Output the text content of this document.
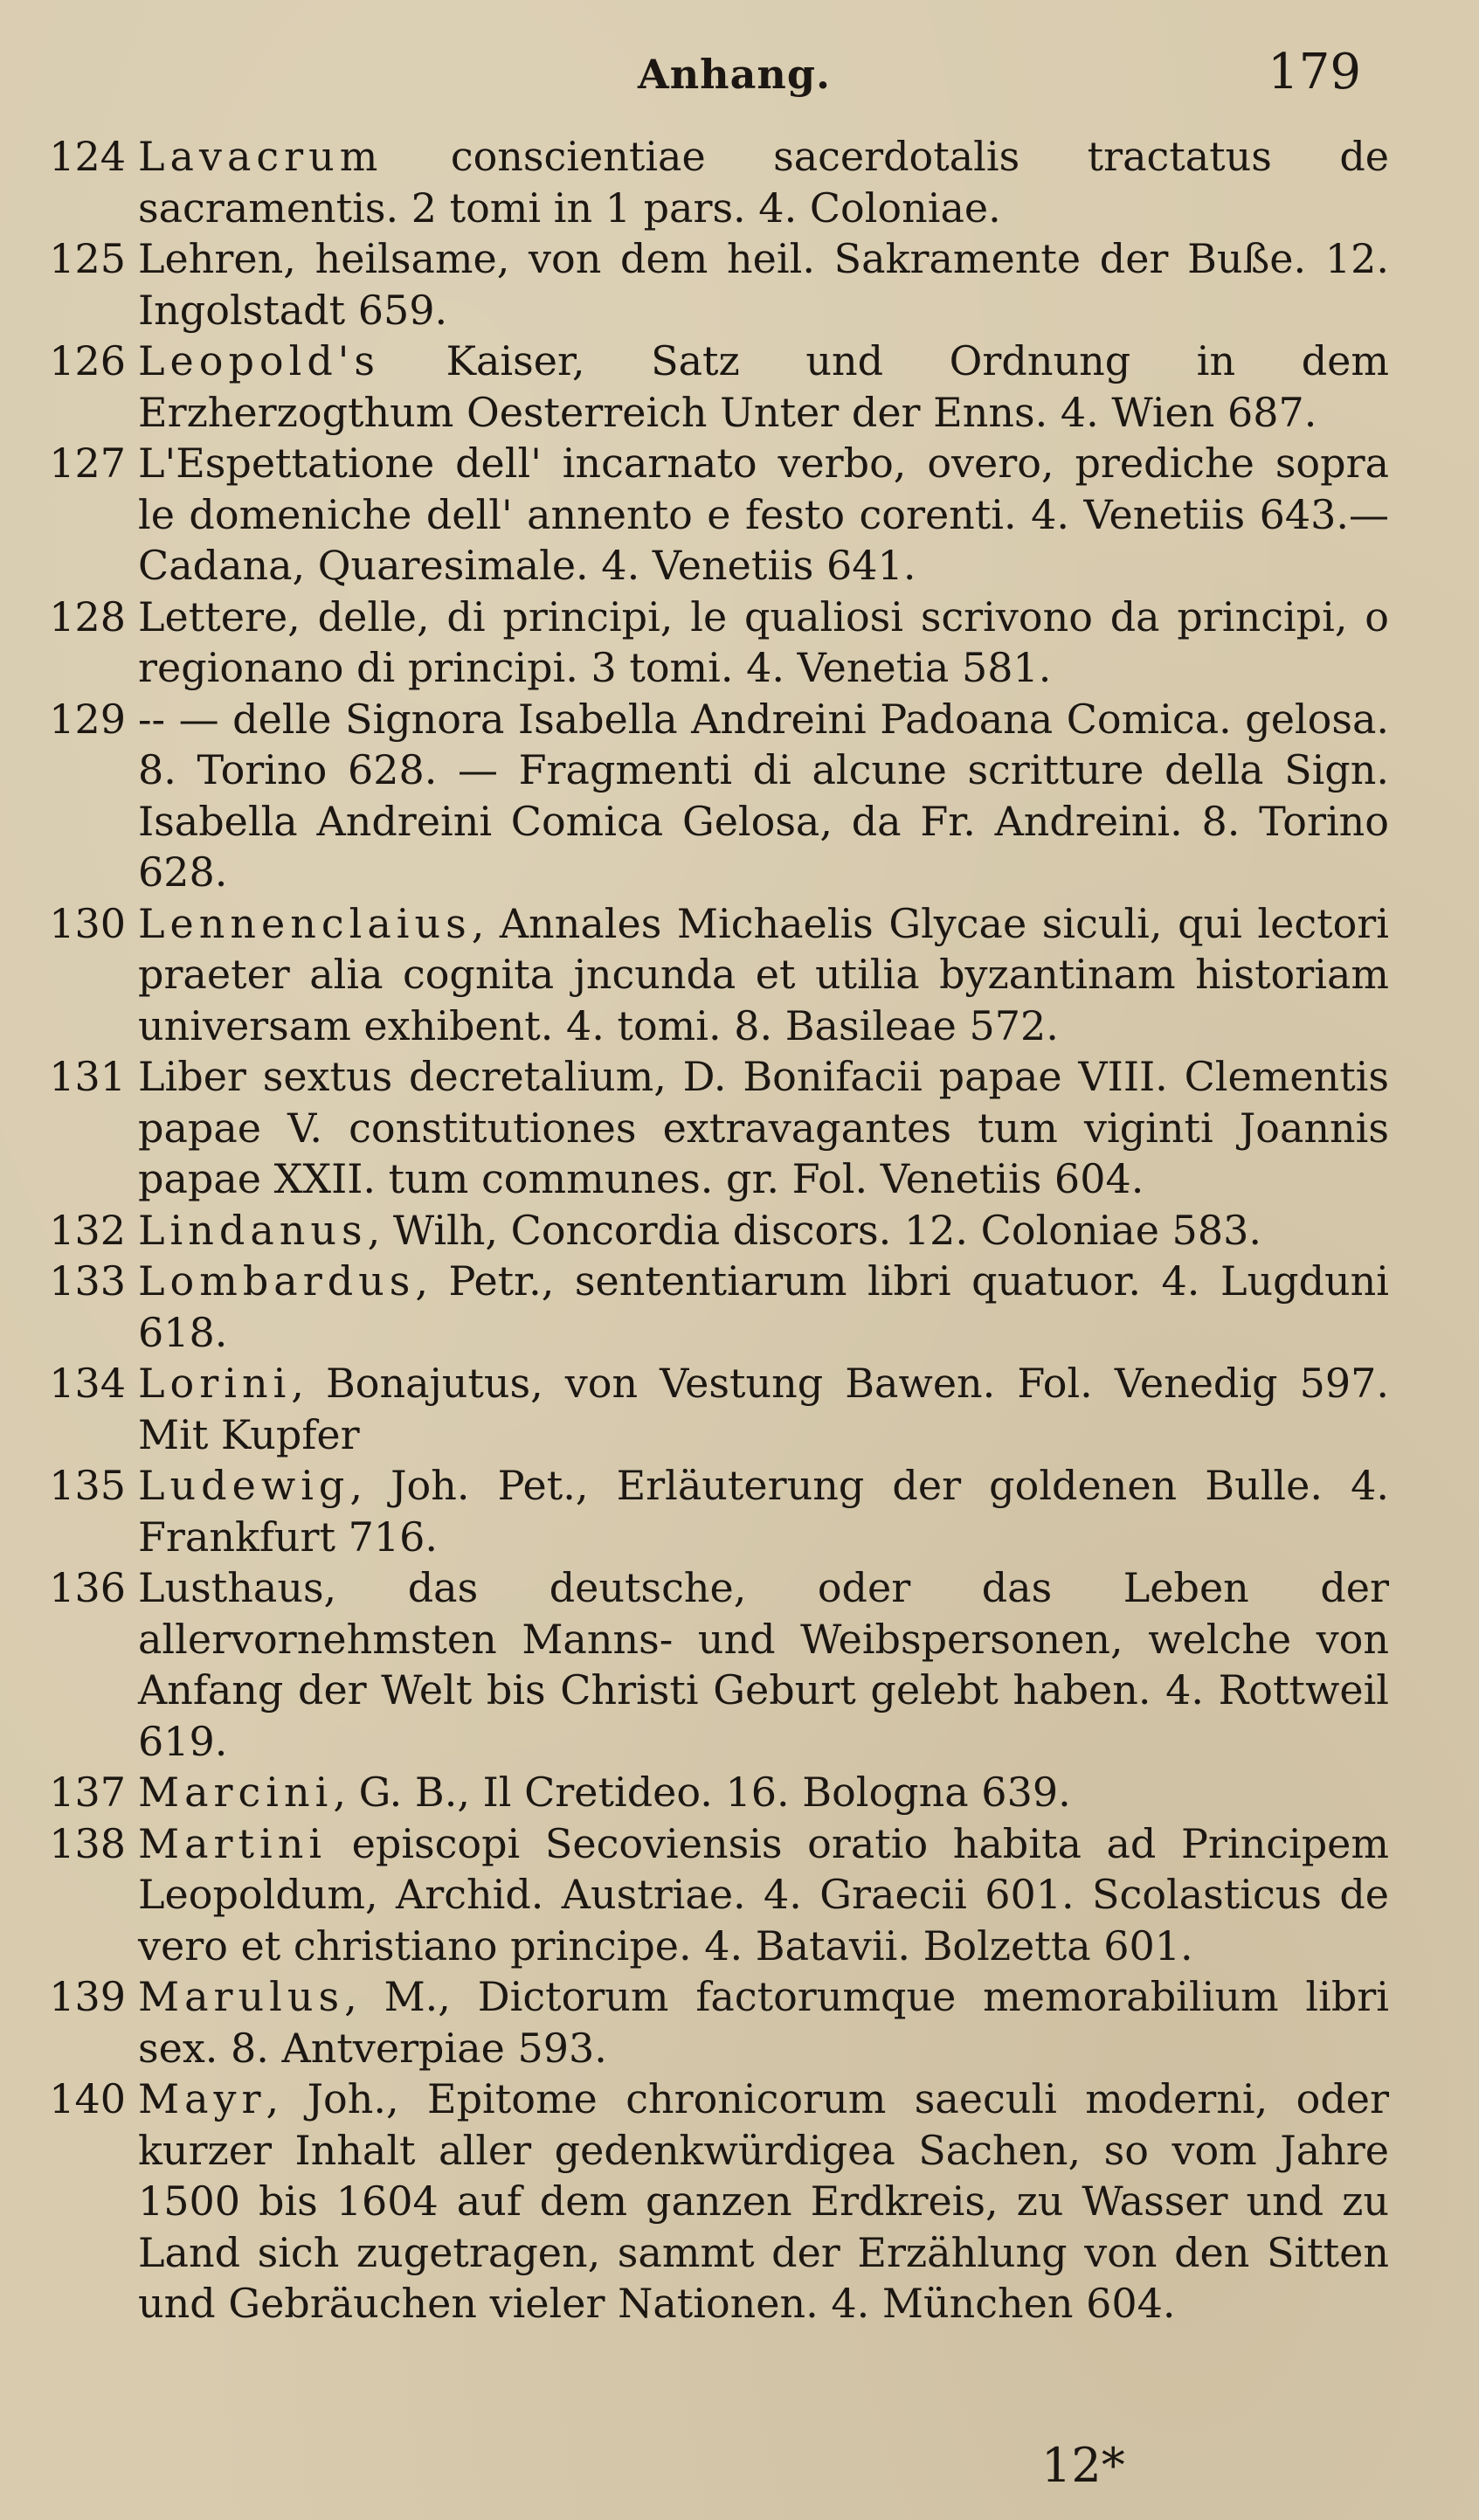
Anhang.	179
124 Lavacrum conscientiae sacerdotalis tractatus de sacramentis. 2 tomi in 1 pars. 4. Coloniae.
125 Lehren, heilsame, von dem heil. Sakramente der Buße. 12. Ingolstadt 659.
126 Leopold's Kaiser, Satz und Ordnung in dem Erzherzogthum Oesterreich Unter der Enns. 4. Wien 687.
127 L'Espettatione dell' incarnato verbo, overo, prediche sopra le domeniche dell' annento e festo corenti. 4. Venetiis 643.— Cadana, Quaresimale. 4. Venetiis 641.
128 Lettere, delle, di principi, le qualiosi scrivono da principi, o regionano di principi. 3 tomi. 4. Venetia 581.
129 -- — delle Signora Isabella Andreini Padoana Comica. gelosa. 8. Torino 628. — Fragmenti di alcune scritture della Sign. Isabella Andreini Comica Gelosa, da Fr. Andreini. 8. Torino 628.
130 Lennenclaius, Annales Michaelis Glycae siculi, qui lectori praeter alia cognita jncunda et utilia byzantinam historiam universam exhibent. 4. tomi. 8. Basileae 572.
131 Liber sextus decretalium, D. Bonifacii papae VIII. Clementis papae V. constitutiones extravagantes tum viginti Joannis papae XXII. tum communes. gr. Fol. Venetiis 604.
132 Lindanus, Wilh, Concordia discors. 12. Coloniae 583.
133 Lombardus, Petr., sententiarum libri quatuor. 4. Lugduni 618.
134 Lorini, Bonajutus, von Vestung Bawen. Fol. Venedig 597. Mit Kupfer
135 Ludewig, Joh. Pet., Erläuterung der goldenen Bulle. 4. Frankfurt 716.
136 Lusthaus, das deutsche, oder das Leben der allervornehmsten Manns- und Weibspersonen, welche von Anfang der Welt bis Christi Geburt gelebt haben. 4. Rottweil 619.
137 Marcini, G. B., Il Cretideo. 16. Bologna 639.
138 Martini episcopi Secoviensis oratio habita ad Principem Leopoldum, Archid. Austriae. 4. Graecii 601. Scolasticus de vero et christiano principe. 4. Batavii. Bolzetta 601.
139 Marulus, M., Dictorum factorumque memorabilium libri sex. 8. Antverpiae 593.
140 Mayr, Joh., Epitome chronicorum saeculi moderni, oder kurzer Inhalt aller gedenkwürdigea Sachen, so vom Jahre 1500 bis 1604 auf dem ganzen Erdkreis, zu Wasser und zu Land sich zugetragen, sammt der Erzählung von den Sitten und Gebräuchen vieler Nationen. 4. München 604.
12*
